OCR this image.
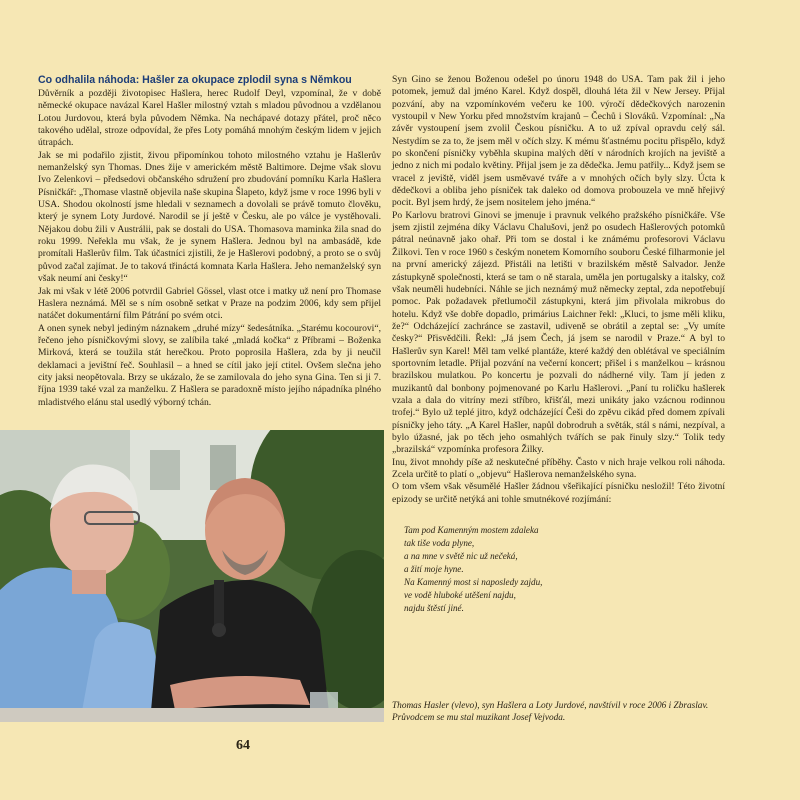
Co odhalila náhoda: Hašler za okupace zplodil syna s Němkou

Důvěrník a později životopisec Hašlera, herec Rudolf Deyl, vzpomínal, že v době německé okupace navázal Karel Hašler milostný vztah s mladou původnou a vzdělanou Lotou Jurdovou, která byla původem Němka. Na nechápavé dotazy přátel, proč něco takového udělal, stroze odpovídal, že přes Loty pomáhá mnohým českým lidem v jejich útrapách.

Jak se mi podařilo zjistit, živou připomínkou tohoto milostného vztahu je Hašlerův nemanželský syn Thomas. Dnes žije v americkém městě Baltimore. Dejme však slovu Ivo Zelenkovi – předsedovi občanského sdružení pro zbudování pomníku Karla Hašlera Písničkář: „Thomase vlastně objevila naše skupina Šlapeto, když jsme v roce 1996 byli v USA. Shodou okolností jsme hledali v seznamech a dovolali se právě tomuto člověku, který je synem Loty Jurdové. Narodil se jí ještě v Česku, ale po válce je vystěhovali. Nějakou dobu žili v Austrálii, pak se dostali do USA. Thomasova maminka žila snad do roku 1999. Neřekla mu však, že je synem Hašlera. Jednou byl na ambasádě, kde promítali Hašlerův film. Tak účastníci zjistili, že je Hašlerovi podobný, a proto se o svůj původ začal zajímat. Je to taková třináctá komnata Karla Hašlera. Jeho nemanželský syn však neumí ani česky!“

Jak mi však v létě 2006 potvrdil Gabriel Gössel, vlast otce i matky už není pro Thomase Haslera neznámá. Měl se s ním osobně setkat v Praze na podzim 2006, kdy sem přijel natáčet dokumentární film Pátrání po svém otci.

A onen synek nebyl jediným náznakem „druhé mízy“ šedesátníka. „Starému kocourovi“, řečeno jeho písničkovými slovy, se zalíbila také „mladá kočka“ z Příbrami – Boženka Mirková, která se toužila stát herečkou. Proto poprosila Hašlera, zda by ji neučil deklamaci a jevištní řeč. Souhlasil – a hned se cítil jako její ctitel. Ovšem slečna jeho city jaksi neopětovala. Brzy se ukázalo, že se zamilovala do jeho syna Gina. Ten si ji 7. října 1939 také vzal za manželku. Z Hašlera se paradoxně místo jejího nápadníka plného mladistvého elánu stal usedlý výborný tchán.

Syn Gino se ženou Boženou odešel po únoru 1948 do USA. Tam pak žil i jeho potomek, jemuž dal jméno Karel. Když dospěl, dlouhá léta žil v New Jersey. Přijal pozvání, aby na vzpomínkovém večeru ke 100. výročí dědečkových narozenin vystoupil v New Yorku před množstvím krajanů – Čechů i Slováků. Vzpomínal: „Na závěr vystoupení jsem zvolil Českou písničku. A to už zpíval opravdu celý sál. Nestydím se za to, že jsem měl v očích slzy. K mému šťastnému pocitu přispělo, když po skončení písničky vyběhla skupina malých dětí v národních krojích na jeviště a jedno z nich mi podalo květiny. Přijal jsem je za dědečka. Jemu patřily... Když jsem se vracel z jeviště, viděl jsem usměvavé tváře a v mnohých očích byly slzy. Úcta k dědečkovi a obliba jeho písniček tak daleko od domova probouzela ve mně hřejivý pocit. Byl jsem hrdý, že jsem nositelem jeho jména.“

Po Karlovu bratrovi Ginovi se jmenuje i pravnuk velkého pražského písničkáře. Vše jsem zjistil zejména díky Václavu Chalušovi, jenž po osudech Hašlerových potomků pátral neúnavně jako ohař. Při tom se dostal i ke známému profesorovi Václavu Žilkovi. Ten v roce 1960 s českým nonetem Komorního souboru České filharmonie jel na první americký zájezd. Přistáli na letišti v brazilském městě Salvador. Jenže zástupkyně společnosti, která se tam o ně starala, uměla jen portugalsky a italsky, což však neuměli hudebníci. Náhle se jich neznámý muž německy zeptal, zda nepotřebují pomoc. Pak požadavek přetlumočil zástupkyni, která jim přivolala mikrobus do hotelu. Když vše dobře dopadlo, primárius Laichner řekl: „Kluci, to jsme měli kliku, že?“ Odcházející zachránce se zastavil, udiveně se obrátil a zeptal se: „Vy umíte česky?“ Přisvědčili. Řekl: „Já jsem Čech, já jsem se narodil v Praze.“ A byl to Hašlerův syn Karel! Měl tam velké plantáže, které každý den oblétával ve speciálním sportovním letadle. Přijal pozvání na večerní koncert; přišel i s manželkou – krásnou brazilskou mulatkou. Po koncertu je pozvali do nádherné vily. Tam jí jeden z muzikantů dal bonbony pojmenované po Karlu Hašlerovi. „Paní tu roličku hašlerek vzala a dala do vitríny mezi stříbro, křišťál, mezi unikáty jako vzácnou rodinnou trofej.“ Bylo už teplé jitro, když odcházející Češi do zpěvu cikád před domem zpívali písničky jeho táty. „A Karel Hašler, napůl dobrodruh a světák, stál s námi, nezpíval, a bylo úžasné, jak po těch jeho osmahlých tvářích se pak řinuly slzy.“ Tolik tedy „brazilská“ vzpomínka profesora Žilky.

Inu, život mnohdy píše až neskutečné příběhy. Často v nich hraje velkou roli náhoda. Zcela určitě to platí o „objevu“ Hašlerova nemanželského syna.

O tom všem však věsumělé Hašler žádnou všeřikající písničku nesložil! Této životní epizody se určitě netýká ani tohle smutnékové rozjímání:

Tam pod Kamenným mostem zdaleka
tak tiše voda plyne,
a na mne v světě nic už nečeká,
a žití moje hyne.
Na Kamenný most si naposledy zajdu,
ve vodě hluboké utěšení najdu,
najdu štěstí jiné.
Thomas Hasler (vlevo), syn Hašlera a Loty Jurdové, navštívil v roce 2006 i Zbraslav. Průvodcem se mu stal muzikant Josef Vejvoda.
64
